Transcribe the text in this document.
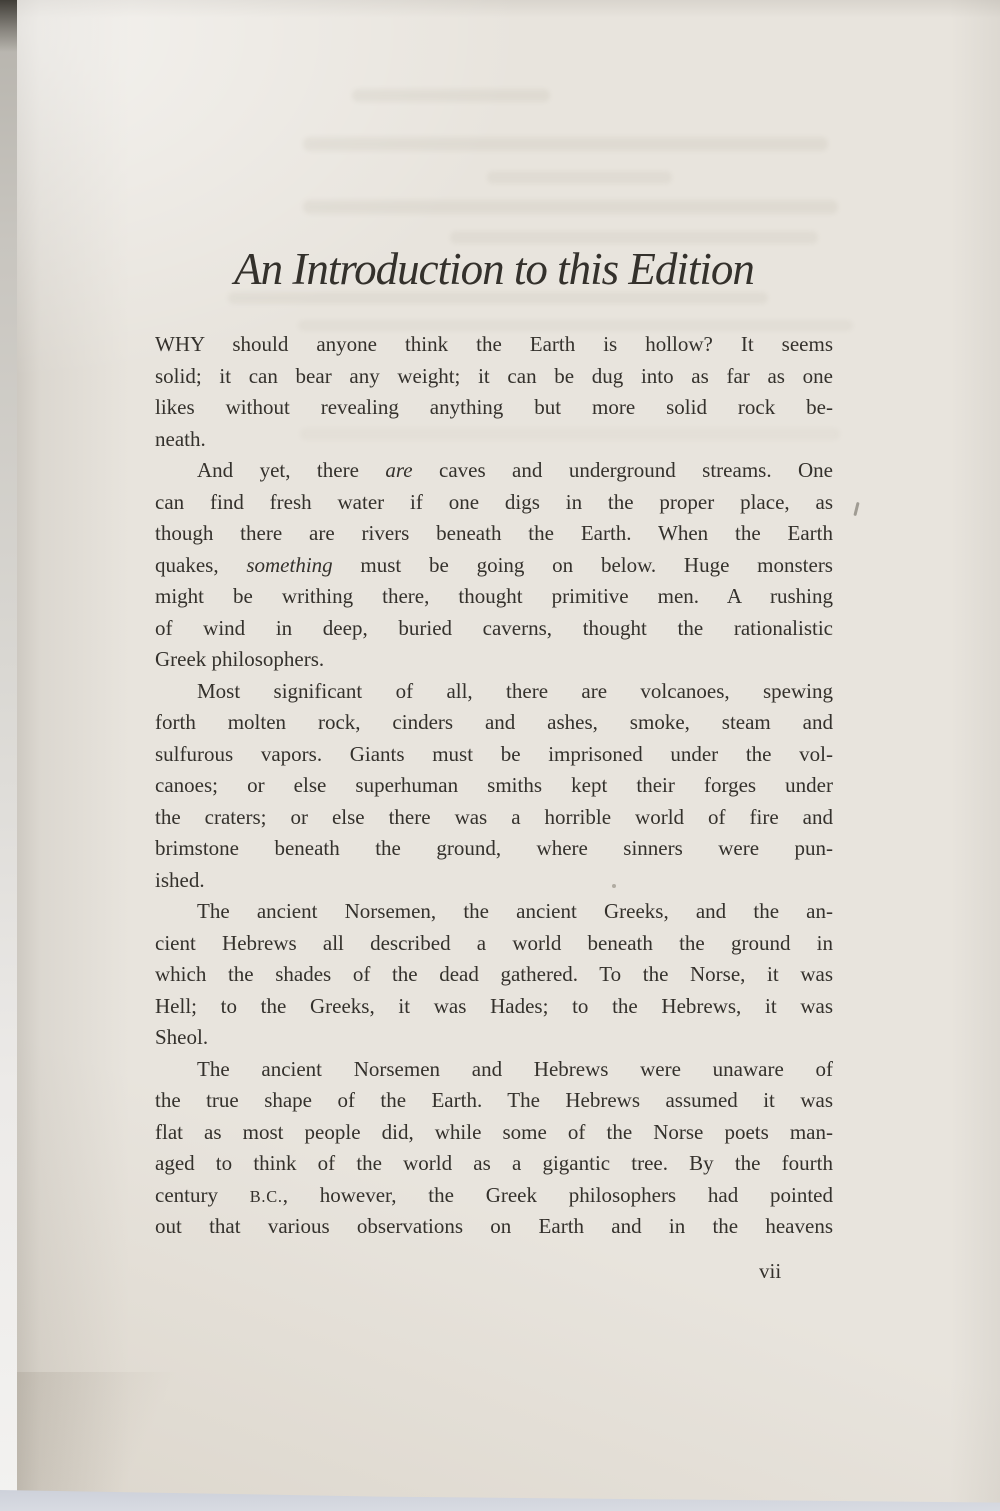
An Introduction to this Edition
WHY should anyone think the Earth is hollow? It seems
solid; it can bear any weight; it can be dug into as far as one
likes without revealing anything but more solid rock be-
neath.
And yet, there are caves and underground streams. One
can find fresh water if one digs in the proper place, as
though there are rivers beneath the Earth. When the Earth
quakes, something must be going on below. Huge monsters
might be writhing there, thought primitive men. A rushing
of wind in deep, buried caverns, thought the rationalistic
Greek philosophers.
Most significant of all, there are volcanoes, spewing
forth molten rock, cinders and ashes, smoke, steam and
sulfurous vapors. Giants must be imprisoned under the vol-
canoes; or else superhuman smiths kept their forges under
the craters; or else there was a horrible world of fire and
brimstone beneath the ground, where sinners were pun-
ished.
The ancient Norsemen, the ancient Greeks, and the an-
cient Hebrews all described a world beneath the ground in
which the shades of the dead gathered. To the Norse, it was
Hell; to the Greeks, it was Hades; to the Hebrews, it was
Sheol.
The ancient Norsemen and Hebrews were unaware of
the true shape of the Earth. The Hebrews assumed it was
flat as most people did, while some of the Norse poets man-
aged to think of the world as a gigantic tree. By the fourth
century B.C., however, the Greek philosophers had pointed
out that various observations on Earth and in the heavens
vii
